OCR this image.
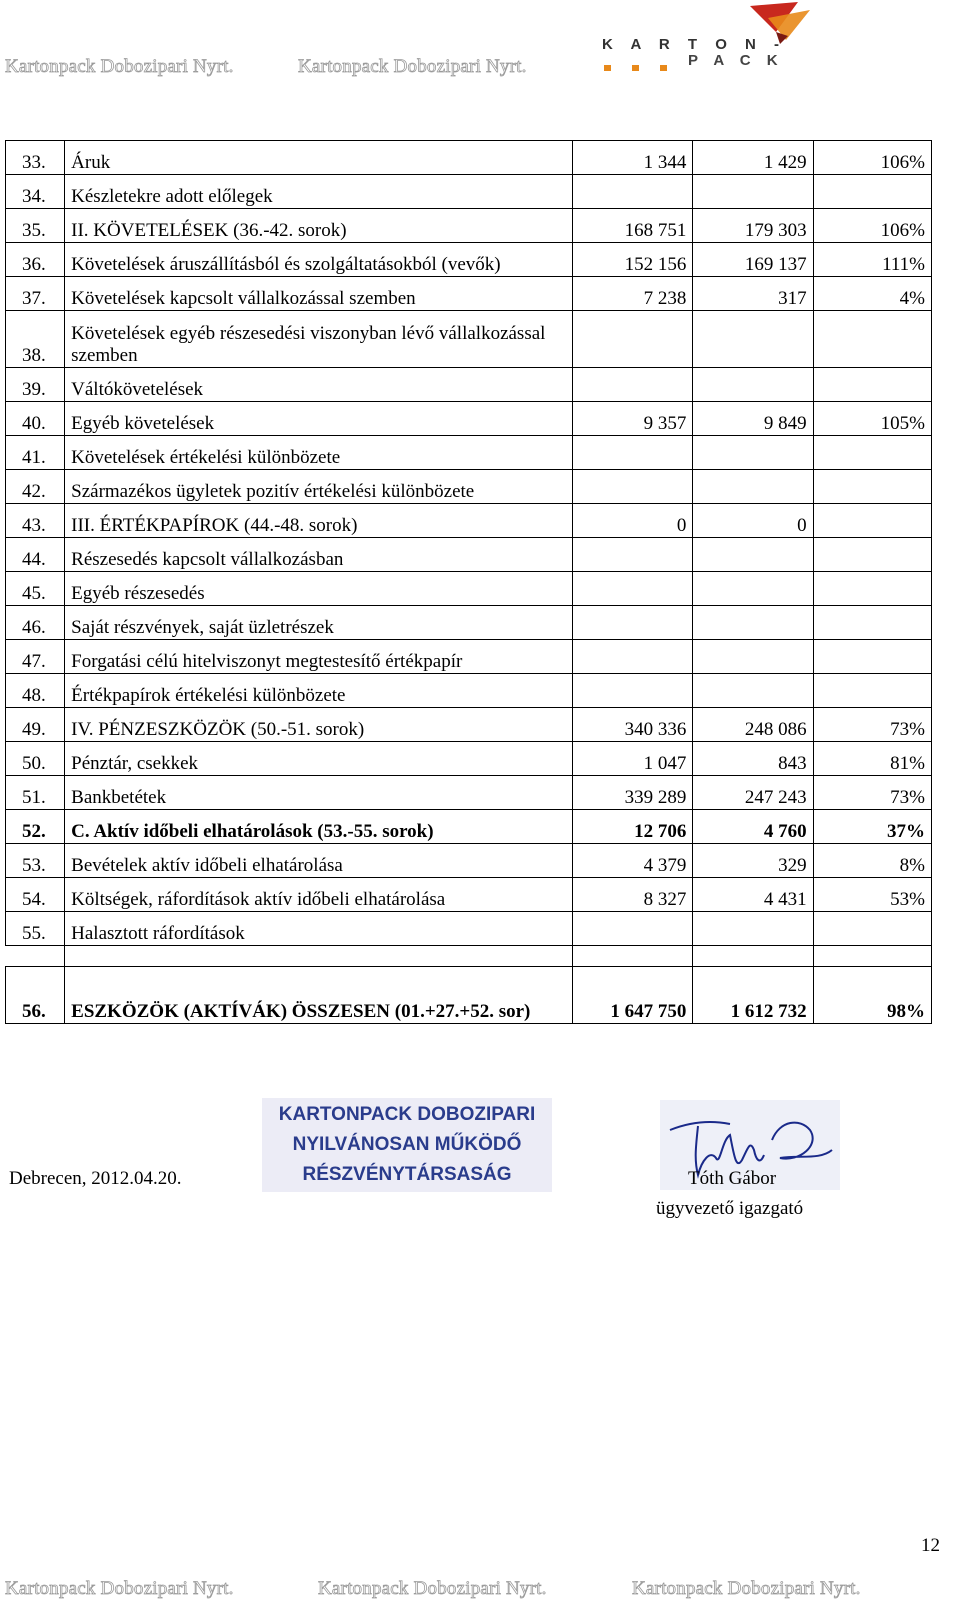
Kartonpack Dobozipari Nyrt.	Kartonpack Dobozipari Nyrt.
K A R T O N -
P A C K
33.	Áruk	1 344	1 429	106%
34.	Készletekre adott előlegek			
35.	II. KÖVETELÉSEK (36.-42. sorok)	168 751	179 303	106%
36.	Követelések áruszállításból és szolgáltatásokból (vevők)	152 156	169 137	111%
37.	Követelések kapcsolt vállalkozással szemben	7 238	317	4%
38.	Követelések egyéb részesedési viszonyban lévő vállalkozással szemben			
39.	Váltókövetelések			
40.	Egyéb követelések	9 357	9 849	105%
41.	Követelések értékelési különbözete			
42.	Származékos ügyletek pozitív értékelési különbözete			
43.	III. ÉRTÉKPAPÍROK (44.-48. sorok)	0	0	
44.	Részesedés kapcsolt vállalkozásban			
45.	Egyéb részesedés			
46.	Saját részvények, saját üzletrészek			
47.	Forgatási célú hitelviszonyt megtestesítő értékpapír			
48.	Értékpapírok értékelési különbözete			
49.	IV. PÉNZESZKÖZÖK (50.-51. sorok)	340 336	248 086	73%
50.	Pénztár, csekkek	1 047	843	81%
51.	Bankbetétek	339 289	247 243	73%
52.	C. Aktív időbeli elhatárolások (53.-55. sorok)	12 706	4 760	37%
53.	Bevételek aktív időbeli elhatárolása	4 379	329	8%
54.	Költségek, ráfordítások aktív időbeli elhatárolása	8 327	4 431	53%
55.	Halasztott ráfordítások			

56.	ESZKÖZÖK (AKTÍVÁK) ÖSSZESEN (01.+27.+52. sor)	1 647 750	1 612 732	98%
KARTONPACK DOBOZIPARI
NYILVÁNOSAN MŰKÖDŐ
RÉSZVÉNYTÁRSASÁG
Debrecen, 2012.04.20.	Tóth Gábor
ügyvezető igazgató
12
Kartonpack Dobozipari Nyrt.	Kartonpack Dobozipari Nyrt.	Kartonpack Dobozipari Nyrt.
